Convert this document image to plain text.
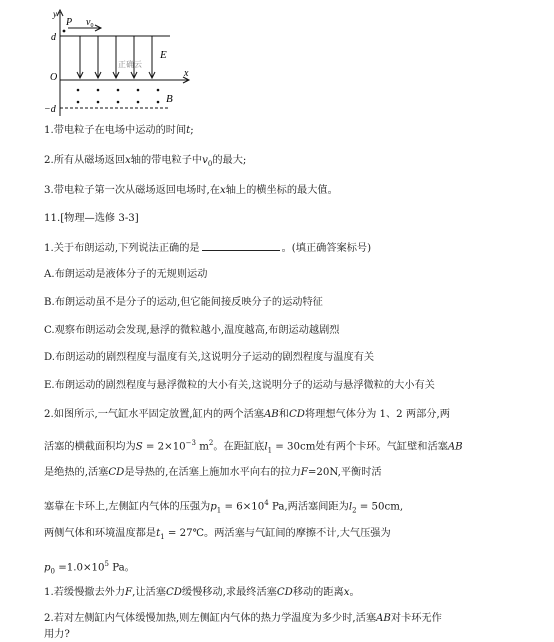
y
P $v_0$
d
O
−d
E
x
B
正确云
1.带电粒子在电场中运动的时间t;
2.所有从磁场返回x轴的带电粒子中$v_0$的最大;
3.带电粒子第一次从磁场返回电场时,在x轴上的横坐标的最大值。
11.[物理—选修 3-3]
1.关于布朗运动,下列说法正确的是	。(填正确答案标号)
A.布朗运动是液体分子的无规则运动
B.布朗运动虽不是分子的运动,但它能间接反映分子的运动特征
C.观察布朗运动会发现,悬浮的微粒越小,温度越高,布朗运动越剧烈
D.布朗运动的剧烈程度与温度有关,这说明分子运动的剧烈程度与温度有关
E.布朗运动的剧烈程度与悬浮微粒的大小有关,这说明分子的运动与悬浮微粒的大小有关
2.如图所示,一气缸水平固定放置,缸内的两个活塞AB和CD将理想气体分为 1、2 两部分,两
活塞的横截面积均为$S = 2\times 10^{-3}$ $m^2$。在距缸底$l_1 = 30cm$处有两个卡环。气缸壁和活塞AB
是绝热的,活塞CD是导热的,在活塞上施加水平向右的拉力F=20N,平衡时活
塞靠在卡环上,左侧缸内气体的压强为$p_1 = 6\times 10^4$ Pa,两活塞间距为$l_2 = 50cm$,
两侧气体和环境温度都是$t_1$ = 27℃。两活塞与气缸间的摩擦不计,大气压强为
$p_0 =1.0\times 10^5$ Pa。
1.若缓慢撤去外力F,让活塞CD缓慢移动,求最终活塞CD移动的距离x。
2.若对左侧缸内气体缓慢加热,则左侧缸内气体的热力学温度为多少时,活塞AB对卡环无作
用力?
